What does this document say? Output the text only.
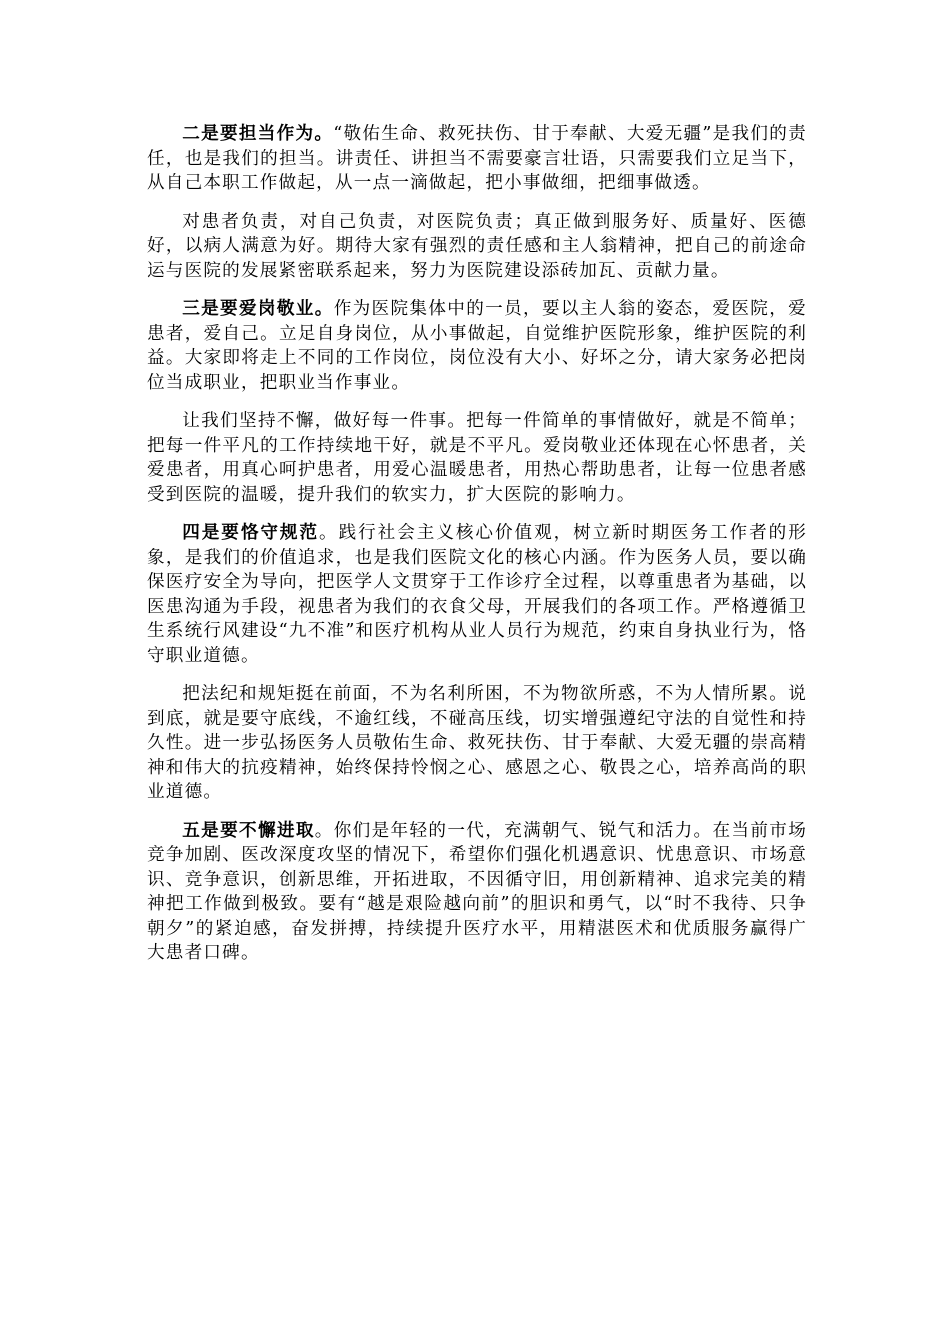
二是要担当作为。“敬佑生命、救死扶伤、甘于奉献、大爱无疆”是我们的责任，也是我们的担当。讲责任、讲担当不需要豪言壮语，只需要我们立足当下，从自己本职工作做起，从一点一滴做起，把小事做细，把细事做透。

对患者负责，对自己负责，对医院负责；真正做到服务好、质量好、医德好，以病人满意为好。期待大家有强烈的责任感和主人翁精神，把自己的前途命运与医院的发展紧密联系起来，努力为医院建设添砖加瓦、贡献力量。

三是要爱岗敬业。作为医院集体中的一员，要以主人翁的姿态，爱医院，爱患者，爱自己。立足自身岗位，从小事做起，自觉维护医院形象，维护医院的利益。大家即将走上不同的工作岗位，岗位没有大小、好坏之分，请大家务必把岗位当成职业，把职业当作事业。

让我们坚持不懈，做好每一件事。把每一件简单的事情做好，就是不简单；把每一件平凡的工作持续地干好，就是不平凡。爱岗敬业还体现在心怀患者，关爱患者，用真心呵护患者，用爱心温暖患者，用热心帮助患者，让每一位患者感受到医院的温暖，提升我们的软实力，扩大医院的影响力。

四是要恪守规范。践行社会主义核心价值观，树立新时期医务工作者的形象，是我们的价值追求，也是我们医院文化的核心内涵。作为医务人员，要以确保医疗安全为导向，把医学人文贯穿于工作诊疗全过程，以尊重患者为基础，以医患沟通为手段，视患者为我们的衣食父母，开展我们的各项工作。严格遵循卫生系统行风建设“九不准”和医疗机构从业人员行为规范，约束自身执业行为，恪守职业道德。

把法纪和规矩挺在前面，不为名利所困，不为物欲所惑，不为人情所累。说到底，就是要守底线，不逾红线，不碰高压线，切实增强遵纪守法的自觉性和持久性。进一步弘扬医务人员敬佑生命、救死扶伤、甘于奉献、大爱无疆的崇高精神和伟大的抗疫精神，始终保持怜悯之心、感恩之心、敬畏之心，培养高尚的职业道德。

五是要不懈进取。你们是年轻的一代，充满朝气、锐气和活力。在当前市场竞争加剧、医改深度攻坚的情况下，希望你们强化机遇意识、忧患意识、市场意识、竞争意识，创新思维，开拓进取，不因循守旧，用创新精神、追求完美的精神把工作做到极致。要有“越是艰险越向前”的胆识和勇气，以“时不我待、只争朝夕”的紧迫感，奋发拼搏，持续提升医疗水平，用精湛医术和优质服务赢得广大患者口碑。
